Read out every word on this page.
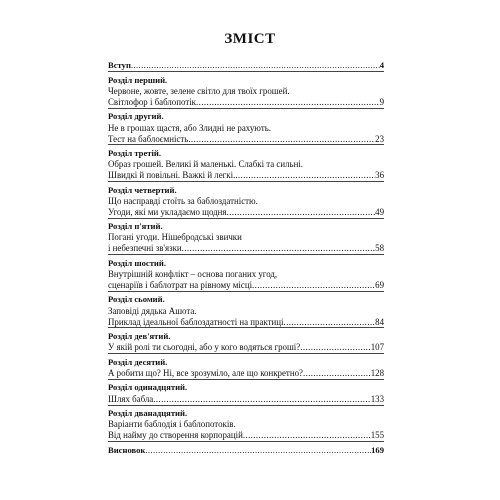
ЗМІСТ
Вступ .....	4
Розділ перший.
Червоне, жовте, зелене світло для твоїх грошей.
Світлофор і баблопотік .....	9
Розділ другий.
Не в грошах щастя, або Злидні не рахують.
Тест на баблоємність .....	23
Розділ третій.
Образ грошей. Великі й маленькі. Слабкі та сильні.
Швидкі й повільні. Важкі й легкі. .....	36
Розділ четвертий.
Що насправді стоїть за баблоздатністю.
Угоди, які ми укладаємо щодня .....	49
Розділ п'ятий.
Погані угоди. Нішебродські звички
і небезпечні зв'язки .....	58
Розділ шостий.
Внутрішній конфлікт – основа поганих угод,
сценаріїв і баблотрат на рівному місці .....	69
Розділ сьомий.
Заповіді дядька Ашота.
Приклад ідеальної баблоздатності на практиці .....	84
Розділ дев'ятий.
У якій ролі ти сьогодні, або у кого водяться гроші? .....	107
Розділ десятий.
А робити що? Ні, все зрозуміло, але що конкретно? .....	128
Розділ одинадцятий.
Шлях бабла .....	133
Розділ дванадцятий.
Варіанти баблодія і баблопотоків.
Від найму до створення корпорацій .....	155
Висновок .....	169
